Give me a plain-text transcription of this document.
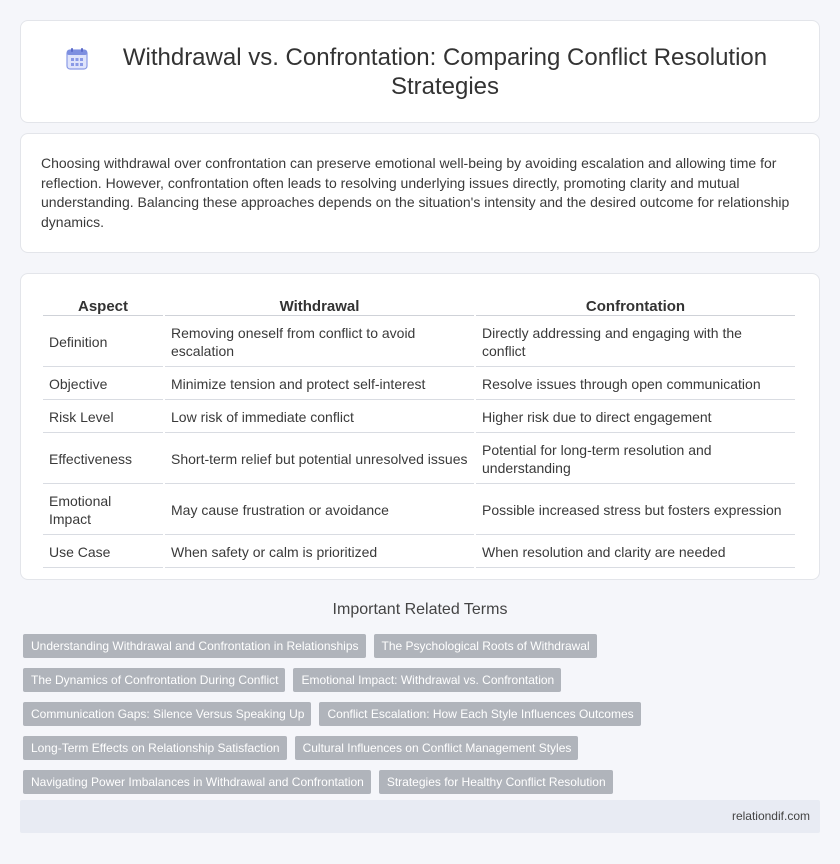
Withdrawal vs. Confrontation: Comparing Conflict Resolution Strategies

Choosing withdrawal over confrontation can preserve emotional well-being by avoiding escalation and allowing time for reflection. However, confrontation often leads to resolving underlying issues directly, promoting clarity and mutual understanding. Balancing these approaches depends on the situation's intensity and the desired outcome for relationship dynamics.

Aspect	Withdrawal	Confrontation
Definition	Removing oneself from conflict to avoid escalation	Directly addressing and engaging with the conflict
Objective	Minimize tension and protect self-interest	Resolve issues through open communication
Risk Level	Low risk of immediate conflict	Higher risk due to direct engagement
Effectiveness	Short-term relief but potential unresolved issues	Potential for long-term resolution and understanding
Emotional Impact	May cause frustration or avoidance	Possible increased stress but fosters expression
Use Case	When safety or calm is prioritized	When resolution and clarity are needed
Important Related Terms
Understanding Withdrawal and Confrontation in Relationships	The Psychological Roots of Withdrawal
The Dynamics of Confrontation During Conflict	Emotional Impact: Withdrawal vs. Confrontation
Communication Gaps: Silence Versus Speaking Up	Conflict Escalation: How Each Style Influences Outcomes
Long-Term Effects on Relationship Satisfaction	Cultural Influences on Conflict Management Styles
Navigating Power Imbalances in Withdrawal and Confrontation	Strategies for Healthy Conflict Resolution
relationdif.com
